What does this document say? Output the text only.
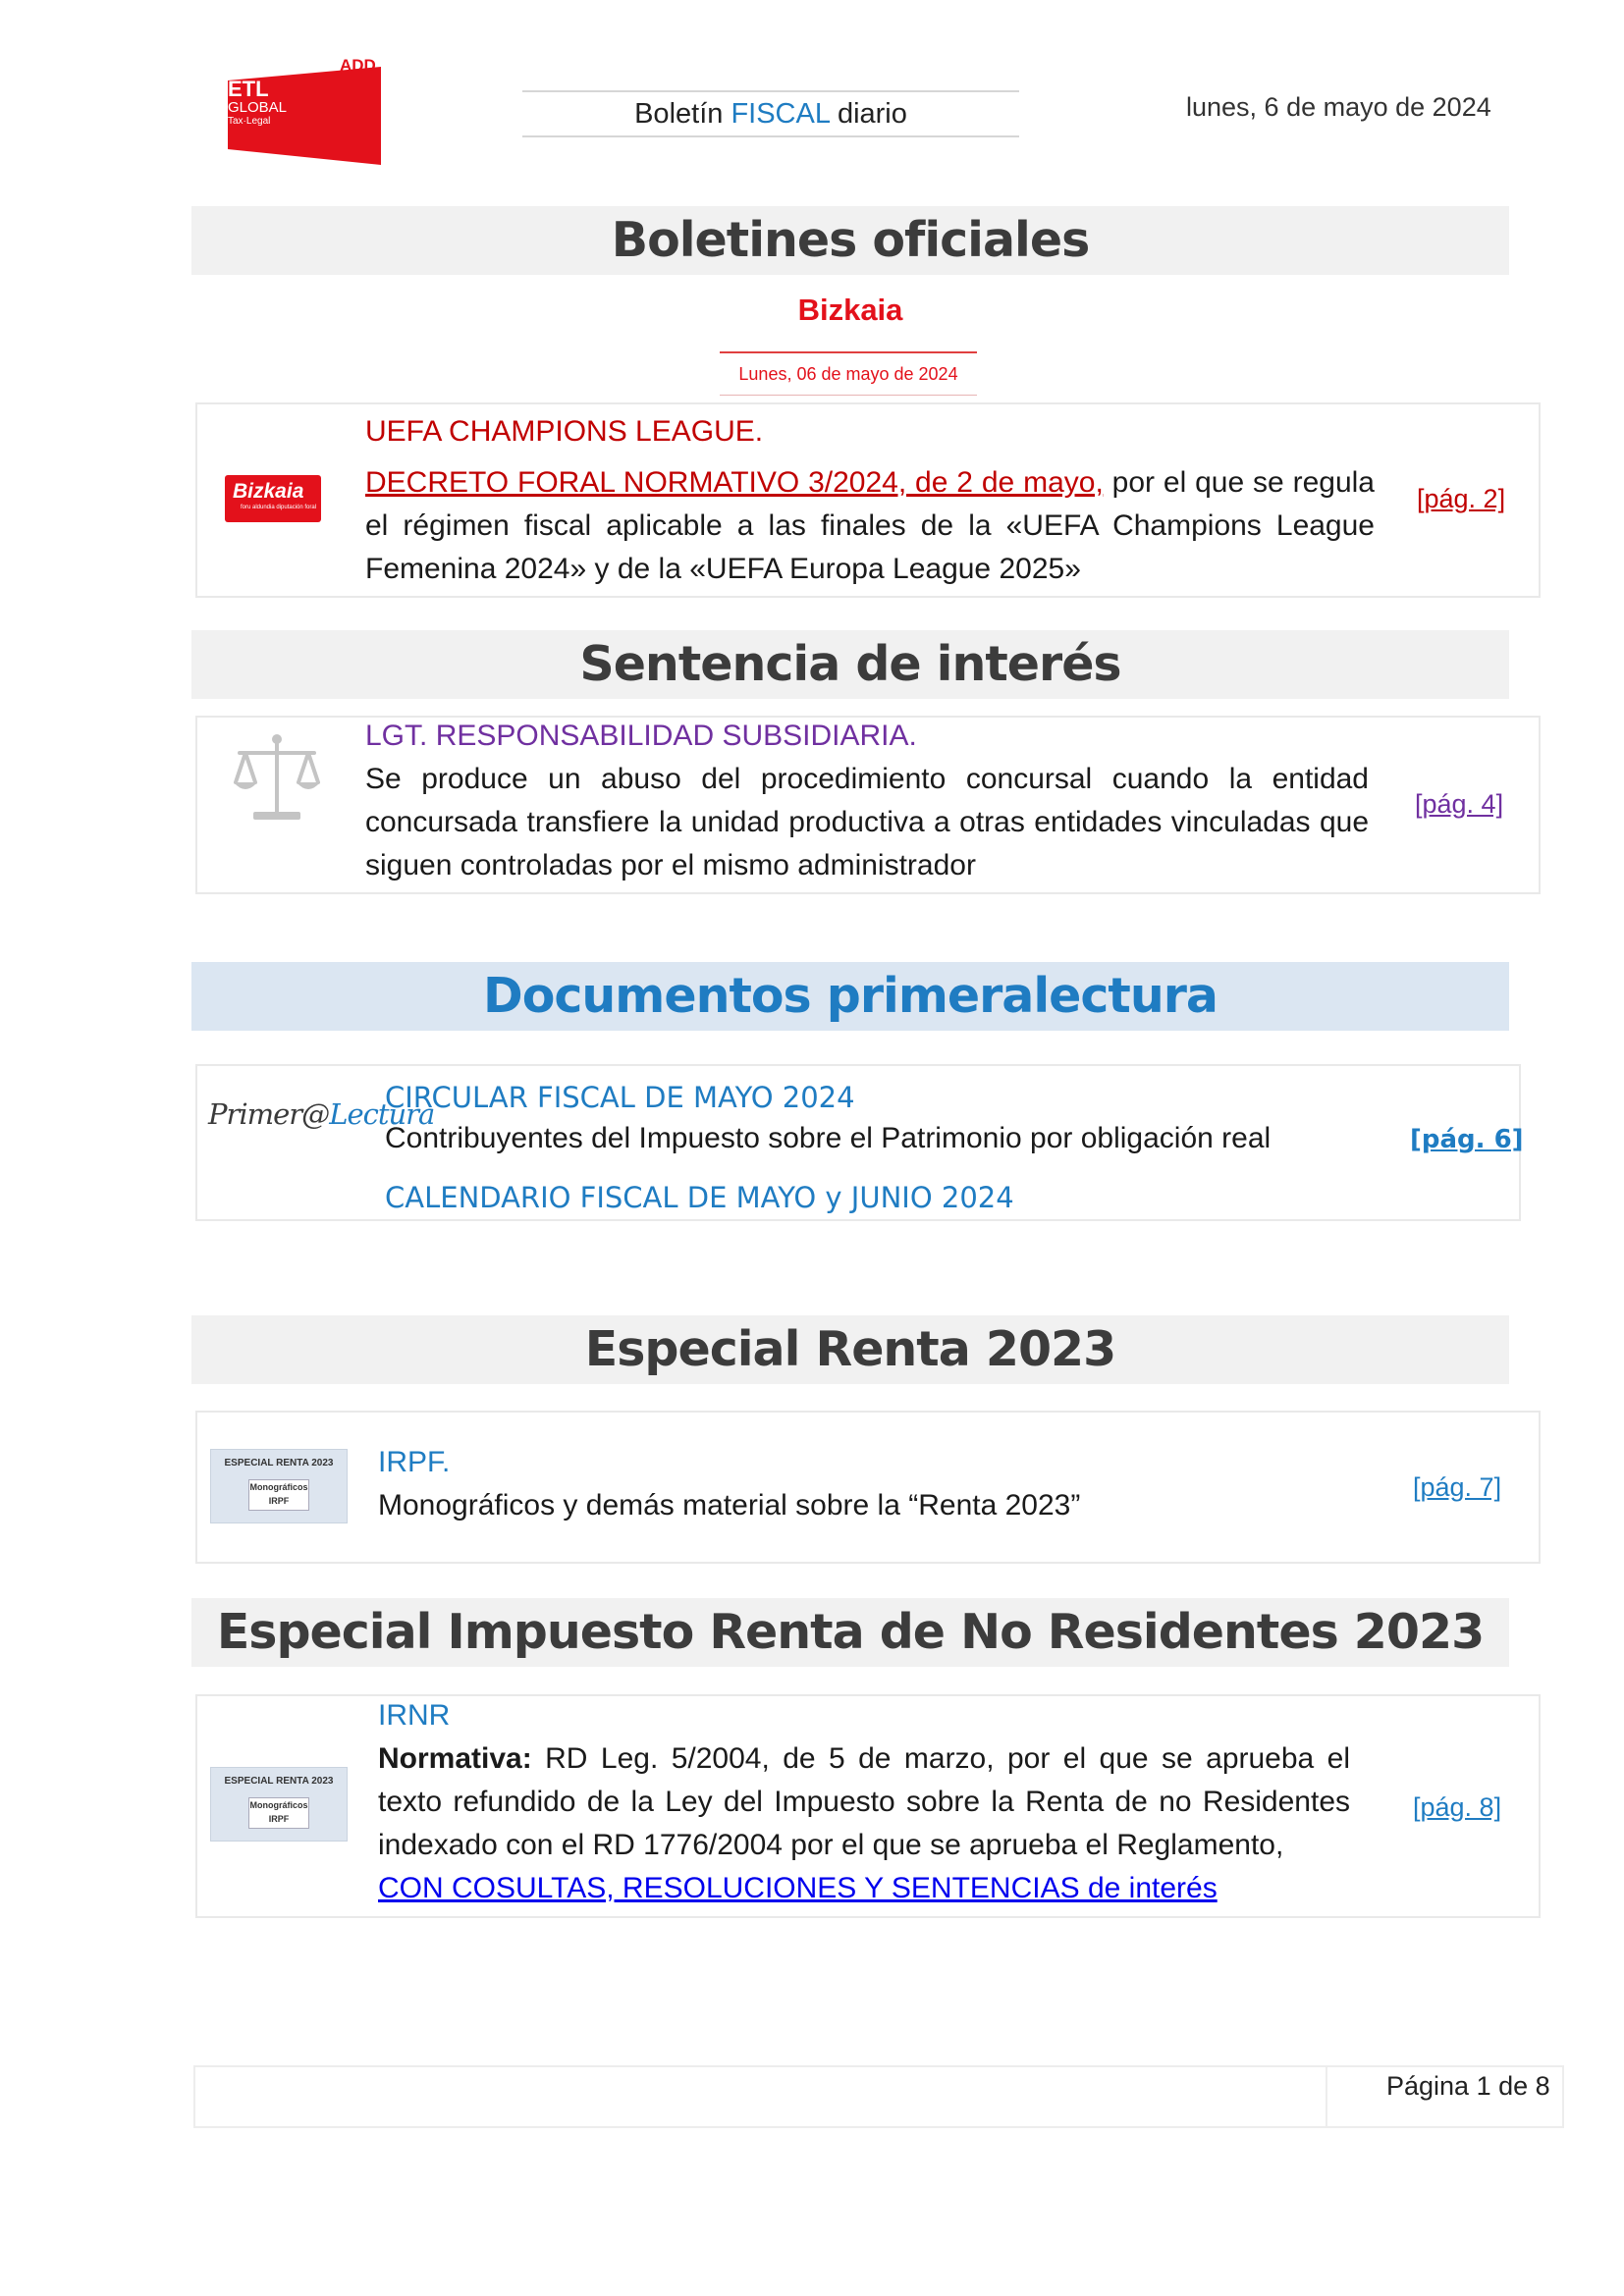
ADD
ETL
GLOBAL
Tax·Legal	Boletín FISCAL diario	lunes, 6 de mayo de 2024
Boletines oficiales
Bizkaia
Lunes, 06 de mayo de 2024
Bizkaia
foru aldundia diputación foral
UEFA CHAMPIONS LEAGUE.
DECRETO FORAL NORMATIVO 3/2024, de 2 de mayo, por el que se regula el régimen fiscal aplicable a las finales de la «UEFA Champions League Femenina 2024» y de la «UEFA Europa League 2025»
[pág. 2]
Sentencia de interés
LGT. RESPONSABILIDAD SUBSIDIARIA.
Se produce un abuso del procedimiento concursal cuando la entidad concursada transfiere la unidad productiva a otras entidades vinculadas que siguen controladas por el mismo administrador
[pág. 4]
Documentos primeralectura
Primer@Lectura
CIRCULAR FISCAL DE MAYO 2024
Contribuyentes del Impuesto sobre el Patrimonio por obligación real
CALENDARIO FISCAL DE MAYO y JUNIO 2024
[pág. 6]
Especial Renta 2023
ESPECIAL RENTA 2023
Monográficos
IRPF
IRPF.
Monográficos y demás material sobre la “Renta 2023”
[pág. 7]
Especial Impuesto Renta de No Residentes 2023
ESPECIAL RENTA 2023
Monográficos
IRPF
IRNR
Normativa: RD Leg. 5/2004, de 5 de marzo, por el que se aprueba el texto refundido de la Ley del Impuesto sobre la Renta de no Residentes indexado con el RD 1776/2004 por el que se aprueba el Reglamento,
CON COSULTAS, RESOLUCIONES Y SENTENCIAS de interés
[pág. 8]
Página 1 de 8
